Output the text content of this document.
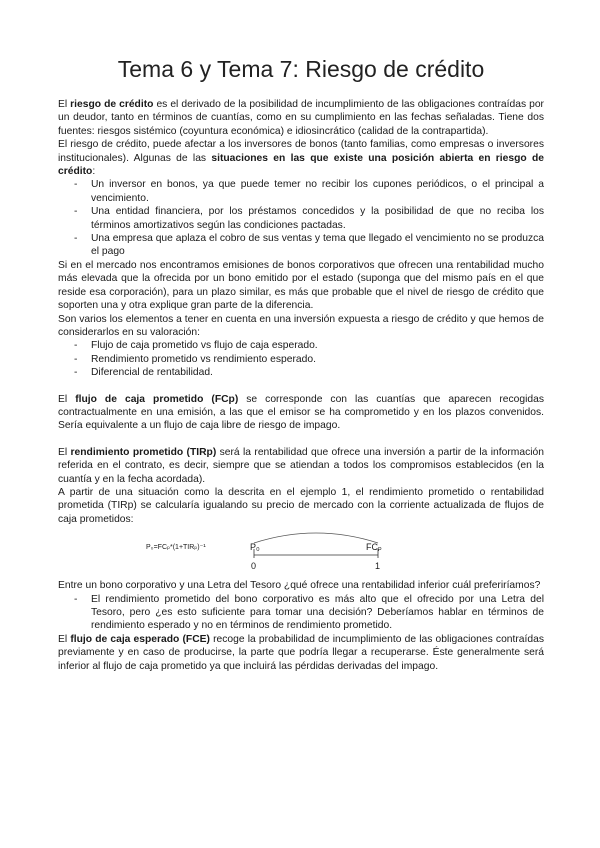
Tema 6 y Tema 7: Riesgo de crédito

El riesgo de crédito es el derivado de la posibilidad de incumplimiento de las obligaciones contraídas por un deudor, tanto en términos de cuantías, como en su cumplimiento en las fechas señaladas. Tiene dos fuentes: riesgos sistémico (coyuntura económica) e idiosincrático (calidad de la contrapartida).

El riesgo de crédito, puede afectar a los inversores de bonos (tanto familias, como empresas o inversores institucionales). Algunas de las situaciones en las que existe una posición abierta en riesgo de crédito:

- Un inversor en bonos, ya que puede temer no recibir los cupones periódicos, o el principal a vencimiento.
- Una entidad financiera, por los préstamos concedidos y la posibilidad de que no reciba los términos amortizativos según las condiciones pactadas.
- Una empresa que aplaza el cobro de sus ventas y tema que llegado el vencimiento no se produzca el pago

Si en el mercado nos encontramos emisiones de bonos corporativos que ofrecen una rentabilidad mucho más elevada que la ofrecida por un bono emitido por el estado (suponga que del mismo país en el que reside esa corporación), para un plazo similar, es más que probable que el nivel de riesgo de crédito que soporten una y otra explique gran parte de la diferencia.

Son varios los elementos a tener en cuenta en una inversión expuesta a riesgo de crédito y que hemos de considerarlos en su valoración:

- Flujo de caja prometido vs flujo de caja esperado.
- Rendimiento prometido vs rendimiento esperado.
- Diferencial de rentabilidad.

El flujo de caja prometido (FCp) se corresponde con las cuantías que aparecen recogidas contractualmente en una emisión, a las que el emisor se ha comprometido y en los plazos convenidos. Sería equivalente a un flujo de caja libre de riesgo de impago.

El rendimiento prometido (TIRp) será la rentabilidad que ofrece una inversión a partir de la información referida en el contrato, es decir, siempre que se atiendan a todos los compromisos establecidos (en la cuantía y en la fecha acordada).

A partir de una situación como la descrita en el ejemplo 1, el rendimiento prometido o rentabilidad prometida (TIRp) se calcularía igualando su precio de mercado con la corriente actualizada de flujos de caja prometidos:

P₀=FCₚ*(1+TIRₚ)⁻¹	P₀	FCₚ
0	1

Entre un bono corporativo y una Letra del Tesoro ¿qué ofrece una rentabilidad inferior cuál preferiríamos?

- El rendimiento prometido del bono corporativo es más alto que el ofrecido por una Letra del Tesoro, pero ¿es esto suficiente para tomar una decisión? Deberíamos hablar en términos de rendimiento esperado y no en términos de rendimiento prometido.

El flujo de caja esperado (FCE) recoge la probabilidad de incumplimiento de las obligaciones contraídas previamente y en caso de producirse, la parte que podría llegar a recuperarse. Éste generalmente será inferior al flujo de caja prometido ya que incluirá las pérdidas derivadas del impago.
